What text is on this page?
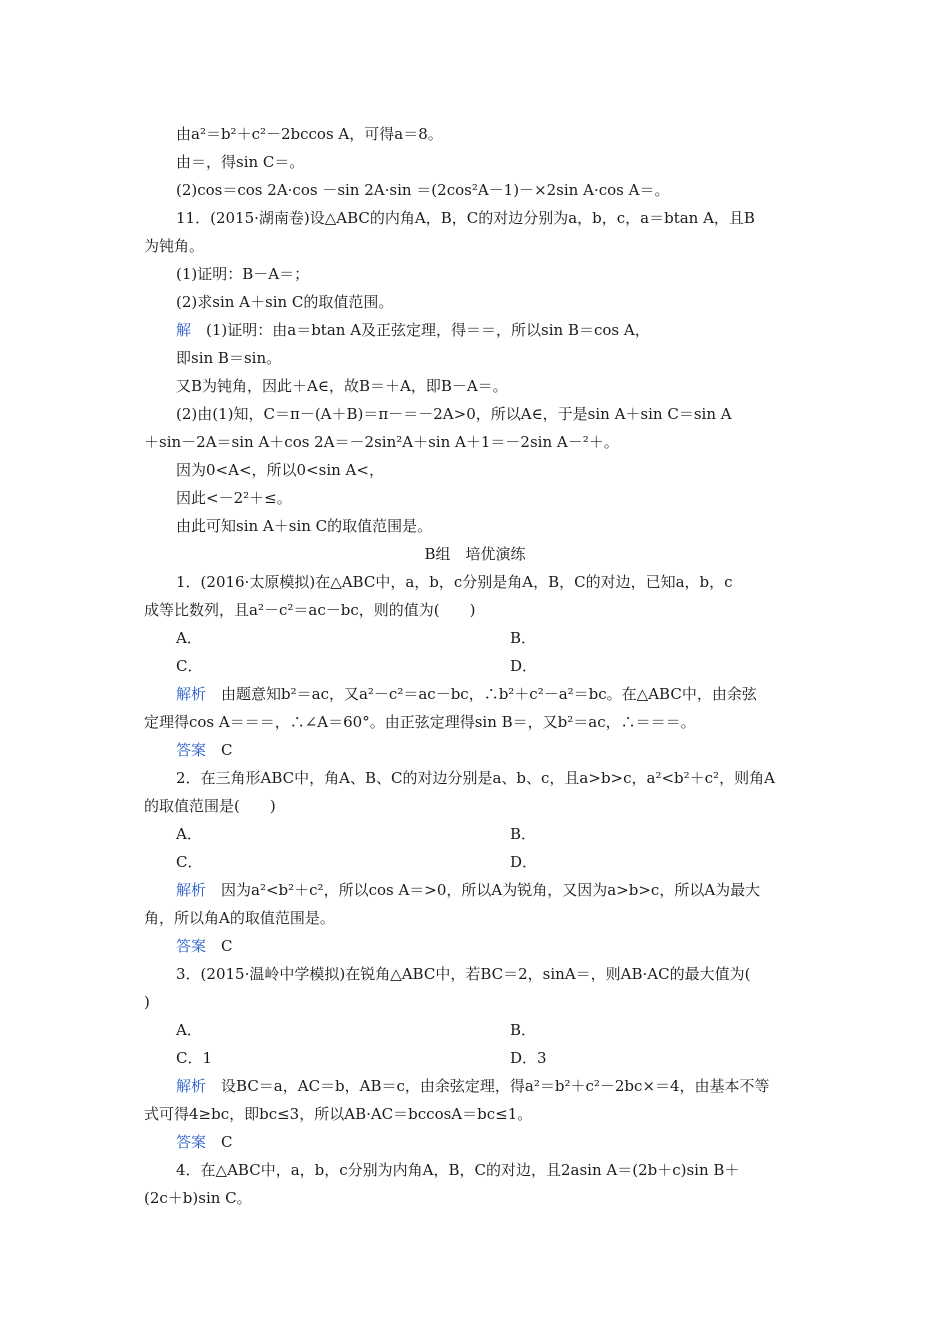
由a²＝b²＋c²－2bccos A，可得a＝8。
由＝，得sin C＝。
(2)cos＝cos 2A·cos －sin 2A·sin ＝(2cos²A－1)－×2sin A·cos A＝。
11．(2015·湖南卷)设△ABC的内角A，B，C的对边分别为a，b，c，a＝btan A，且B
为钝角。
(1)证明：B－A＝；
(2)求sin A＋sin C的取值范围。
解　(1)证明：由a＝btan A及正弦定理，得＝＝，所以sin B＝cos A，
即sin B＝sin。
又B为钝角，因此＋A∈，故B＝＋A，即B－A＝。
(2)由(1)知，C＝π－(A＋B)＝π－＝－2A>0，所以A∈，于是sin A＋sin C＝sin A
＋sin－2A＝sin A＋cos 2A＝－2sin²A＋sin A＋1＝－2sin A－²＋。
因为0<A<，所以0<sin A<，
因此<－2²＋≤。
由此可知sin A＋sin C的取值范围是。
B组　培优演练
1．(2016·太原模拟)在△ABC中，a，b，c分别是角A，B，C的对边，已知a，b，c
成等比数列，且a²－c²＝ac－bc，则的值为(　　)
A．	B．
C．	D．
解析　由题意知b²＝ac，又a²－c²＝ac－bc，∴b²＋c²－a²＝bc。在△ABC中，由余弦
定理得cos A＝＝＝，∴∠A＝60°。由正弦定理得sin B＝，又b²＝ac，∴＝＝＝。
答案　C
2．在三角形ABC中，角A、B、C的对边分别是a、b、c，且a>b>c，a²<b²＋c²，则角A
的取值范围是(　　)
A．	B．
C．	D．
解析　因为a²<b²＋c²，所以cos A＝>0，所以A为锐角，又因为a>b>c，所以A为最大
角，所以角A的取值范围是。
答案　C
3．(2015·温岭中学模拟)在锐角△ABC中，若BC＝2，sinA＝，则AB·AC的最大值为(
)
A．	B．
C．1	D．3
解析　设BC＝a，AC＝b，AB＝c，由余弦定理，得a²＝b²＋c²－2bc×＝4，由基本不等
式可得4≥bc，即bc≤3，所以AB·AC＝bccosA＝bc≤1。
答案　C
4．在△ABC中，a，b，c分别为内角A，B，C的对边，且2asin A＝(2b＋c)sin B＋
(2c＋b)sin C。
